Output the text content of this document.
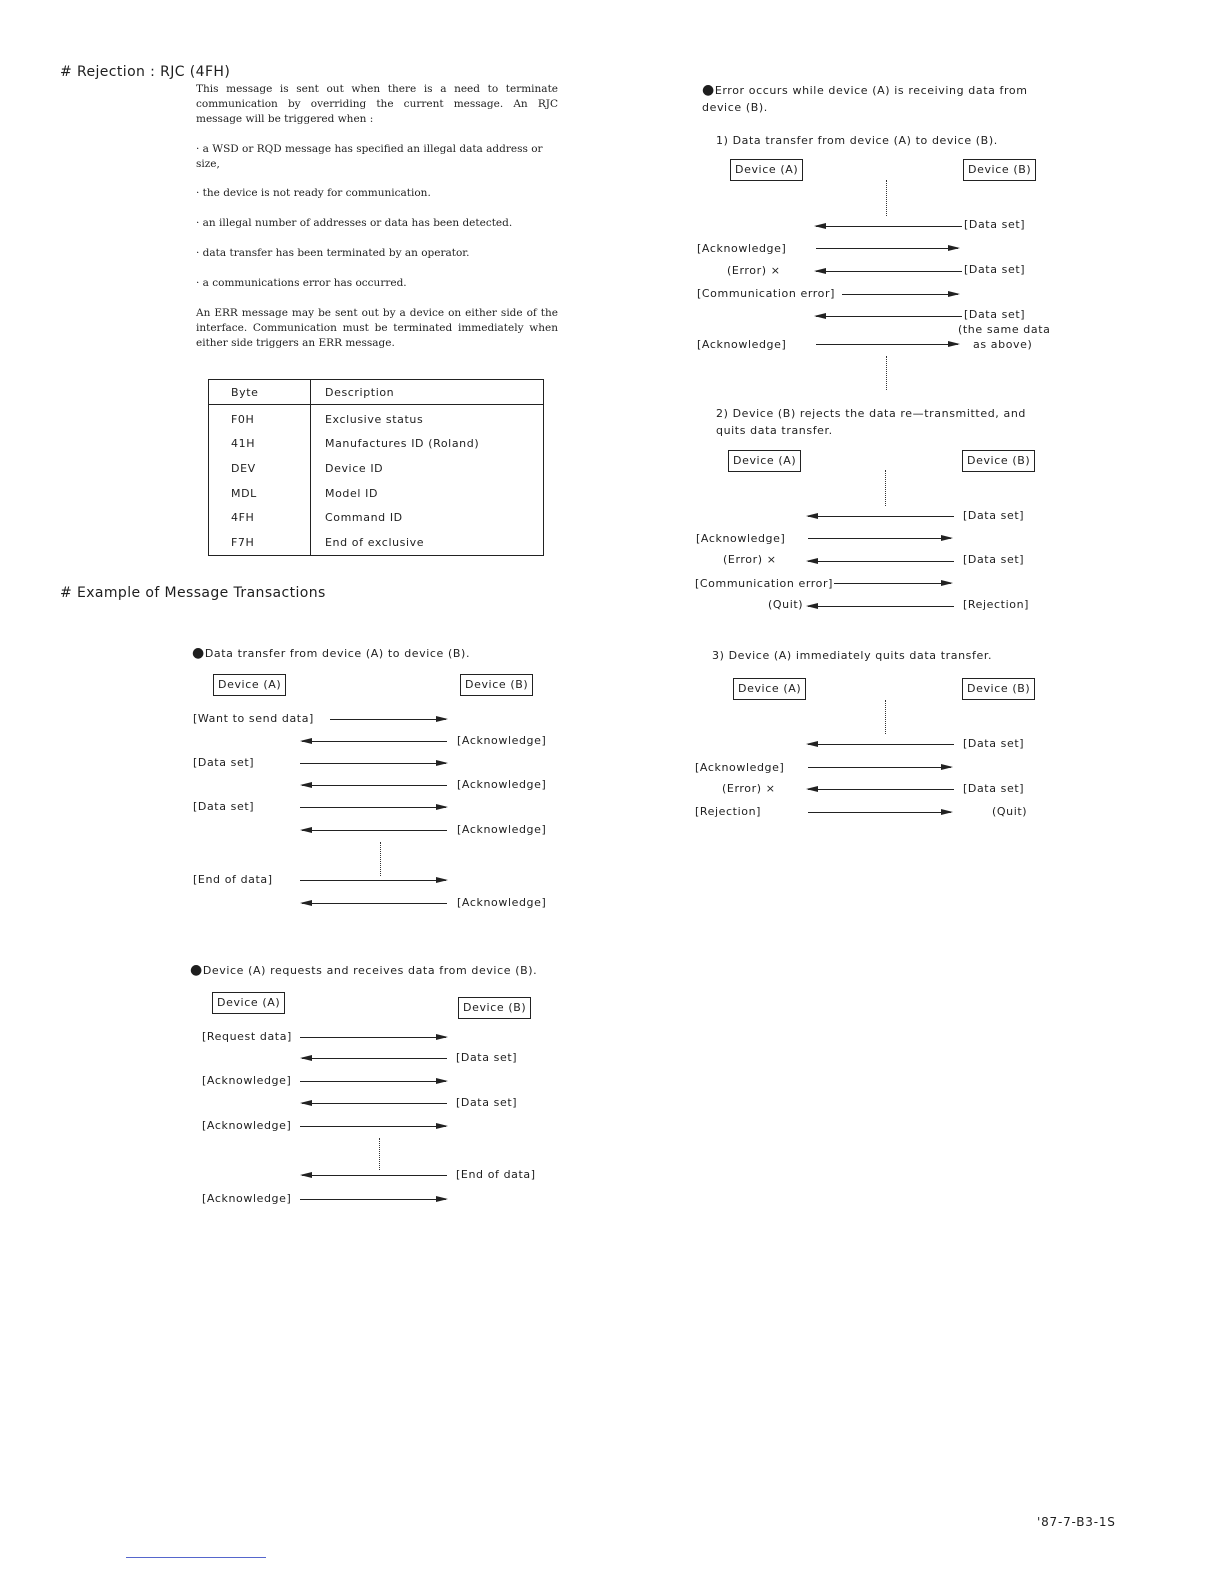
# Rejection : RJC (4FH)
This message is sent out when there is a need to terminate communication by overriding the current message. An RJC message will be triggered when :
· a WSD or RQD message has specified an illegal data address or size,
· the device is not ready for communication.
· an illegal number of addresses or data has been detected.
· data transfer has been terminated by an operator.
· a communications error has occurred.
An ERR message may be sent out by a device on either side of the interface. Communication must be terminated immediately when either side triggers an ERR message.
Byte	Description
F0H	Exclusive status
41H	Manufactures ID (Roland)
DEV	Device ID
MDL	Model ID
4FH	Command ID
F7H	End of exclusive
# Example of Message Transactions
●Data transfer from device (A) to device (B).
Device (A)	Device (B)
[Want to send data]
[Acknowledge]
[Data set]
[Acknowledge]
[Data set]
[Acknowledge]
[End of data]
[Acknowledge]
●Device (A) requests and receives data from device (B).
Device (A)	Device (B)
[Request data]
[Data set]
[Acknowledge]
[Data set]
[Acknowledge]
[End of data]
[Acknowledge]
●Error occurs while device (A) is receiving data from device (B).
1) Data transfer from device (A) to device (B).
Device (A)	Device (B)
[Data set]
[Acknowledge]
(Error) ×	[Data set]
[Communication error]
[Data set]
(the same data
[Acknowledge]	as above)
2) Device (B) rejects the data re—transmitted, and quits data transfer.
Device (A)	Device (B)
[Data set]
[Acknowledge]
(Error) ×	[Data set]
[Communication error]
(Quit)	[Rejection]
3) Device (A) immediately quits data transfer.
Device (A)	Device (B)
[Data set]
[Acknowledge]
(Error) ×	[Data set]
[Rejection]	(Quit)
'87-7-B3-1S
